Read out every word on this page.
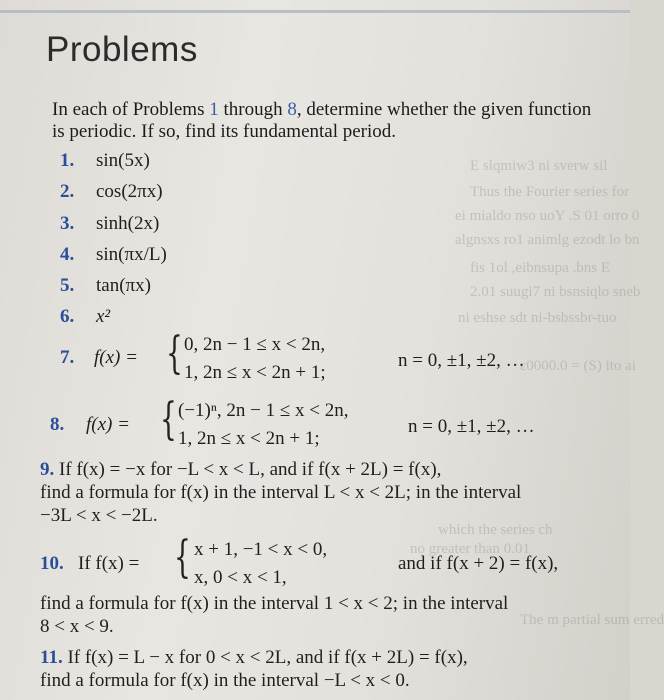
E slqmiw3 ni sverw sil
Thus the Fourier series for
ei mialdo nso uoY .S 01 orro 0
algnsxs ro1 animlg ezodt lo bn
fis 1ol ,eibnsupa .bns E
2.01 suugi7 ni bsnsiqlo sneb
ni eshse sdt ni-bsbssbr-tuo
ε0000.0 = (S) ito ai
which the series ch
no greater than 0.01
The m partial sum erred
Problems
In each of Problems 1 through 8, determine whether the given function
is periodic. If so, find its fundamental period.
1. sin(5x)
2. cos(2πx)
3. sinh(2x)
4. sin(πx/L)
5. tan(πx)
6. x²
7. f(x) = { 0, 2n − 1 ≤ x < 2n,
1, 2n ≤ x < 2n + 1;
n = 0, ±1, ±2, …
8. f(x) = { (−1)ⁿ, 2n − 1 ≤ x < 2n,
1, 2n ≤ x < 2n + 1;
n = 0, ±1, ±2, …
9. If f(x) = −x for −L < x < L, and if f(x + 2L) = f(x),
find a formula for f(x) in the interval L < x < 2L; in the interval
−3L < x < −2L.
10. If f(x) = { x + 1, −1 < x < 0,
x, 0 < x < 1,
and if f(x + 2) = f(x),
find a formula for f(x) in the interval 1 < x < 2; in the interval
8 < x < 9.
11. If f(x) = L − x for 0 < x < 2L, and if f(x + 2L) = f(x),
find a formula for f(x) in the interval −L < x < 0.
